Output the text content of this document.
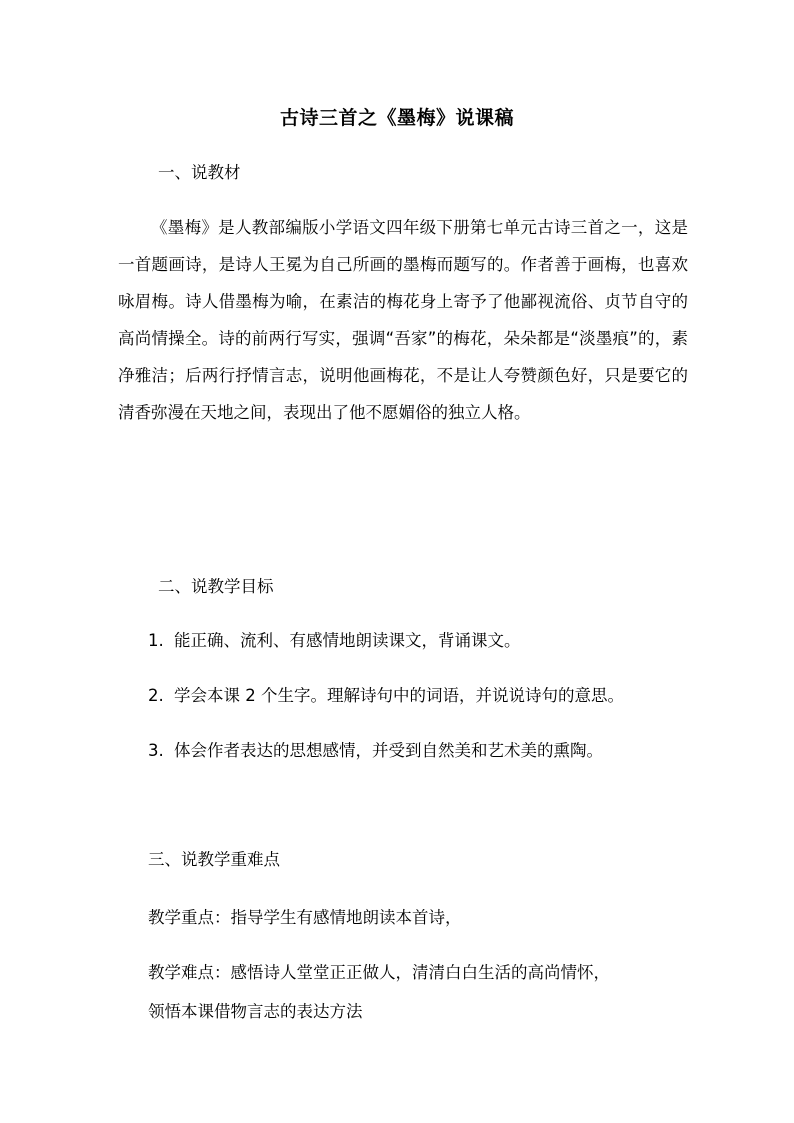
古诗三首之《墨梅》说课稿
一、说教材

《墨梅》是人教部编版小学语文四年级下册第七单元古诗三首之一，这是一首题画诗，是诗人王冕为自己所画的墨梅而题写的。作者善于画梅，也喜欢咏眉梅。诗人借墨梅为喻，在素洁的梅花身上寄予了他鄙视流俗、贞节自守的高尚情操全。诗的前两行写实，强调“吾家”的梅花，朵朵都是“淡墨痕”的，素净雅洁；后两行抒情言志，说明他画梅花，不是让人夸赞颜色好，只是要它的清香弥漫在天地之间，表现出了他不愿媚俗的独立人格。

二、说教学目标
1. 能正确、流利、有感情地朗读课文，背诵课文。
2. 学会本课 2 个生字。理解诗句中的词语，并说说诗句的意思。
3. 体会作者表达的思想感情，并受到自然美和艺术美的熏陶。
三、说教学重难点
教学重点：指导学生有感情地朗读本首诗，
教学难点：感悟诗人堂堂正正做人，清清白白生活的高尚情怀，
领悟本课借物言志的表达方法
